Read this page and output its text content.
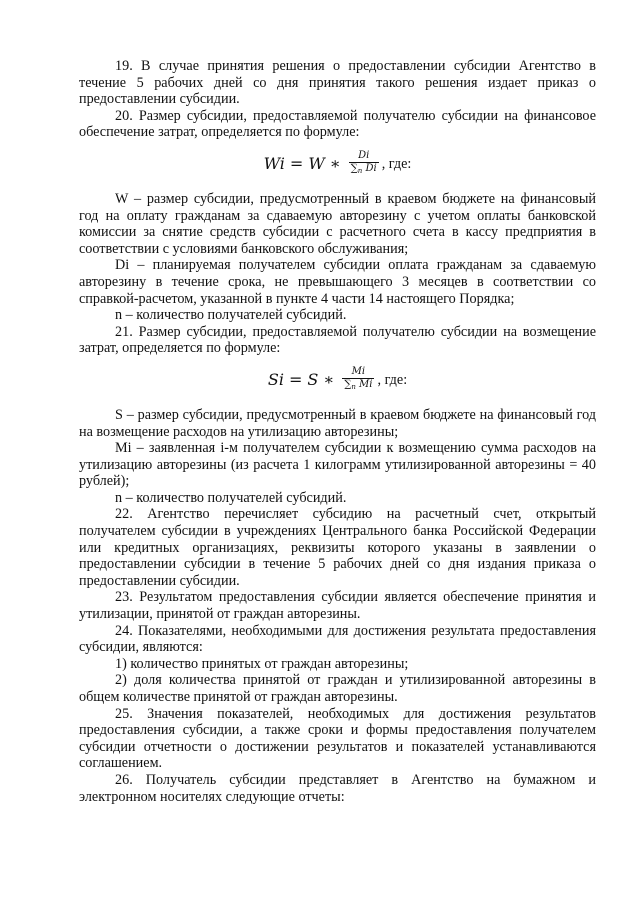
19. В случае принятия решения о предоставлении субсидии Агентство в течение 5 рабочих дней со дня принятия такого решения издает приказ о предоставлении субсидии.

20. Размер субсидии, предоставляемой получателю субсидии на финансовое обеспечение затрат, определяется по формуле:

Wi = W ∗ $\frac{Di}{\sum_n Di}$ , где:

W – размер субсидии, предусмотренный в краевом бюджете на финансовый год на оплату гражданам за сдаваемую авторезину с учетом оплаты банковской комиссии за снятие средств субсидии с расчетного счета в кассу предприятия в соответствии с условиями банковского обслуживания;

Di – планируемая получателем субсидии оплата гражданам за сдаваемую авторезину в течение срока, не превышающего 3 месяцев в соответствии со справкой-расчетом, указанной в пункте 4 части 14 настоящего Порядка;

n – количество получателей субсидий.

21. Размер субсидии, предоставляемой получателю субсидии на возмещение затрат, определяется по формуле:

Si = S ∗ $\frac{Mi}{\sum_n Mi}$ , где:

S – размер субсидии, предусмотренный в краевом бюджете на финансовый год на возмещение расходов на утилизацию авторезины;

Mi – заявленная i-м получателем субсидии к возмещению сумма расходов на утилизацию авторезины (из расчета 1 килограмм утилизированной авторезины = 40 рублей);

n – количество получателей субсидий.

22. Агентство перечисляет субсидию на расчетный счет, открытый получателем субсидии в учреждениях Центрального банка Российской Федерации или кредитных организациях, реквизиты которого указаны в заявлении о предоставлении субсидии в течение 5 рабочих дней со дня издания приказа о предоставлении субсидии.

23. Результатом предоставления субсидии является обеспечение принятия и утилизации, принятой от граждан авторезины.

24. Показателями, необходимыми для достижения результата предоставления субсидии, являются:

1) количество принятых от граждан авторезины;

2) доля количества принятой от граждан и утилизированной авторезины в общем количестве принятой от граждан авторезины.

25. Значения показателей, необходимых для достижения результатов предоставления субсидии, а также сроки и формы предоставления получателем субсидии отчетности о достижении результатов и показателей устанавливаются соглашением.

26. Получатель субсидии представляет в Агентство на бумажном и электронном носителях следующие отчеты:
